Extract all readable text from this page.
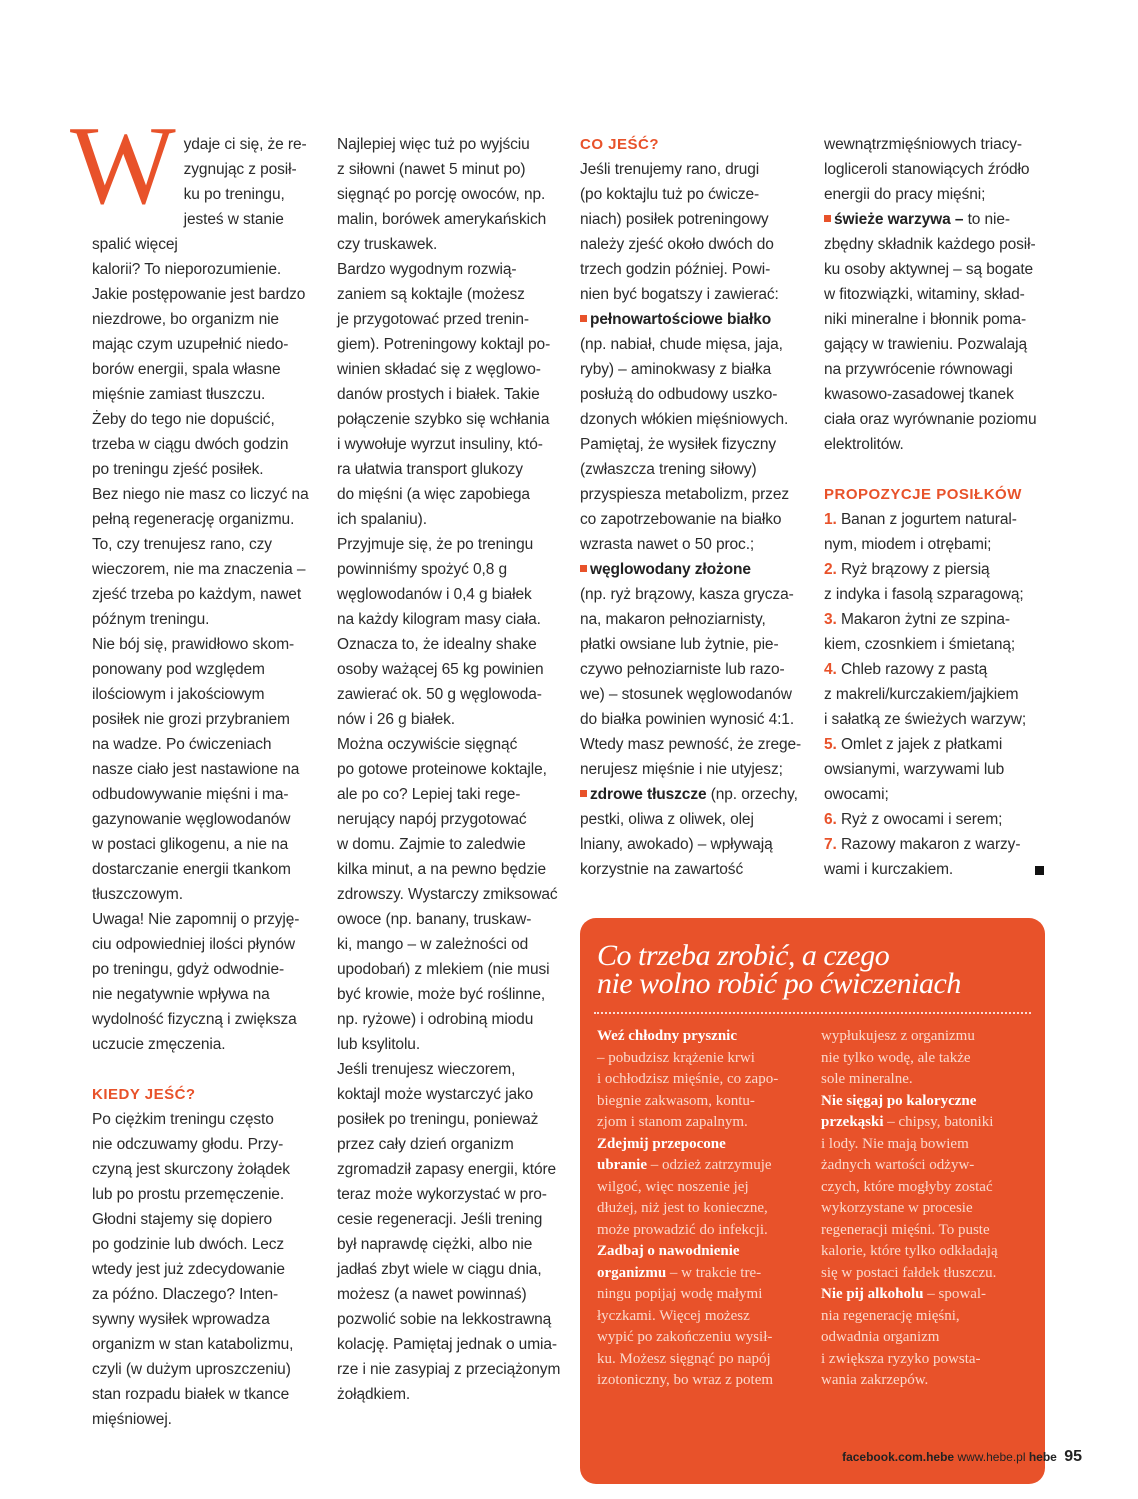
W ydaje ci się, że re-
zygnując z posił-
ku po treningu,

jesteś w stanie spalić więcej
kalorii? To nieporozumienie.
Jakie postępowanie jest bardzo
niezdrowe, bo organizm nie
mając czym uzupełnić niedo-
borów energii, spala własne
mięśnie zamiast tłuszczu.
Żeby do tego nie dopuścić,
trzeba w ciągu dwóch godzin
po treningu zjeść posiłek.
Bez niego nie masz co liczyć na
pełną regenerację organizmu.
To, czy trenujesz rano, czy
wieczorem, nie ma znaczenia –
zjeść trzeba po każdym, nawet
późnym treningu.
Nie bój się, prawidłowo skom-
ponowany pod względem
ilościowym i jakościowym
posiłek nie grozi przybraniem
na wadze. Po ćwiczeniach
nasze ciało jest nastawione na
odbudowywanie mięśni i ma-
gazynowanie węglowodanów
w postaci glikogenu, a nie na
dostarczanie energii tkankom
tłuszczowym.
Uwaga! Nie zapomnij o przyję-
ciu odpowiedniej ilości płynów
po treningu, gdyż odwodnie-
nie negatywnie wpływa na
wydolność fizyczną i zwiększa
uczucie zmęczenia.

KIEDY JEŚĆ?

Po ciężkim treningu często
nie odczuwamy głodu. Przy-
czyną jest skurczony żołądek
lub po prostu przemęczenie.
Głodni stajemy się dopiero
po godzinie lub dwóch. Lecz
wtedy jest już zdecydowanie
za późno. Dlaczego? Inten-
sywny wysiłek wprowadza
organizm w stan katabolizmu,
czyli (w dużym uproszczeniu)
stan rozpadu białek w tkance
mięśniowej.

Najlepiej więc tuż po wyjściu
z siłowni (nawet 5 minut po)
sięgnąć po porcję owoców, np.
malin, borówek amerykańskich
czy truskawek.
Bardzo wygodnym rozwią-
zaniem są koktajle (możesz
je przygotować przed trenin-
giem). Potreningowy koktajl po-
winien składać się z węglowo-
danów prostych i białek. Takie
połączenie szybko się wchłania
i wywołuje wyrzut insuliny, któ-
ra ułatwia transport glukozy
do mięśni (a więc zapobiega
ich spalaniu).
Przyjmuje się, że po treningu
powinniśmy spożyć 0,8 g
węglowodanów i 0,4 g białek
na każdy kilogram masy ciała.
Oznacza to, że idealny shake
osoby ważącej 65 kg powinien
zawierać ok. 50 g węglowoda-
nów i 26 g białek.
Można oczywiście sięgnąć
po gotowe proteinowe koktajle,
ale po co? Lepiej taki rege-
nerujący napój przygotować
w domu. Zajmie to zaledwie
kilka minut, a na pewno będzie
zdrowszy. Wystarczy zmiksować
owoce (np. banany, truskaw-
ki, mango – w zależności od
upodobań) z mlekiem (nie musi
być krowie, może być roślinne,
np. ryżowe) i odrobiną miodu
lub ksylitolu.
Jeśli trenujesz wieczorem,
koktajl może wystarczyć jako
posiłek po treningu, ponieważ
przez cały dzień organizm
zgromadził zapasy energii, które
teraz może wykorzystać w pro-
cesie regeneracji. Jeśli trening
był naprawdę ciężki, albo nie
jadłaś zbyt wiele w ciągu dnia,
możesz (a nawet powinnaś)
pozwolić sobie na lekkostrawną
kolację. Pamiętaj jednak o umia-
rze i nie zasypiaj z przeciążonym
żołądkiem.

CO JEŚĆ?

Jeśli trenujemy rano, drugi
(po koktajlu tuż po ćwicze-
niach) posiłek potreningowy
należy zjeść około dwóch do
trzech godzin później. Powi-
nien być bogatszy i zawierać:

pełnowartościowe białko

(np. nabiał, chude mięsa, jaja,
ryby) – aminokwasy z białka
posłużą do odbudowy uszko-
dzonych włókien mięśniowych.
Pamiętaj, że wysiłek fizyczny
(zwłaszcza trening siłowy)
przyspiesza metabolizm, przez
co zapotrzebowanie na białko
wzrasta nawet o 50 proc.;

węglowodany złożone

(np. ryż brązowy, kasza gryczа-
na, makaron pełnoziarnisty,
płatki owsiane lub żytnie, pie-
czywo pełnoziarniste lub razo-
we) – stosunek węglowodanów
do białka powinien wynosić 4:1.
Wtedy masz pewność, że zrege-
nerujesz mięśnie i nie utyjesz;

zdrowe tłuszcze (np. orzechy,
pestki, oliwa z oliwek, olej
lniany, awokado) – wpływają
korzystnie na zawartość

wewnątrzmięśniowych triacy-
logliceroli stanowiących źródło
energii do pracy mięśni;

świeże warzywa – to nie-
zbędny składnik każdego posił-
ku osoby aktywnej – są bogate
w fitozwiązki, witaminy, skład-
niki mineralne i błonnik poma-
gający w trawieniu. Pozwalają
na przywrócenie równowagi
kwasowo-zasadowej tkanek
ciała oraz wyrównanie poziomu
elektrolitów.

PROPOZYCJE POSIŁKÓW

1. Banan z jogurtem natural-
nym, miodem i otrębami;

2. Ryż brązowy z piersią
z indyka i fasolą szparagową;

3. Makaron żytni ze szpina-
kiem, czosnkiem i śmietaną;

4. Chleb razowy z pastą
z makreli/kurczakiem/jajkiem
i sałatką ze świeżych warzyw;

5. Omlet z jajek z płatkami
owsianymi, warzywami lub
owocami;

6. Ryż z owocami i serem;

7. Razowy makaron z warzy-
wami i kurczakiem.

Co trzeba zrobić, a czego
nie wolno robić po ćwiczeniach

Weź chłodny prysznic
– pobudzisz krążenie krwi
i ochłodzisz mięśnie, co zapo-
biegnie zakwasom, kontu-
zjom i stanom zapalnym.

Zdejmij przepocone
ubranie – odzież zatrzymuje
wilgoć, więc noszenie jej
dłużej, niż jest to konieczne,
może prowadzić do infekcji.

Zadbaj o nawodnienie
organizmu – w trakcie tre-
ningu popijaj wodę małymi
łyczkami. Więcej możesz
wypić po zakończeniu wysił-
ku. Możesz sięgnąć po napój
izotoniczny, bo wraz z potem

wypłukujesz z organizmu
nie tylko wodę, ale także
sole mineralne.

Nie sięgaj po kaloryczne
przekąski – chipsy, batoniki
i lody. Nie mają bowiem
żadnych wartości odżyw-
czych, które mogłyby zostać
wykorzystane w procesie
regeneracji mięśni. To puste
kalorie, które tylko odkładają
się w postaci fałdek tłuszczu.

Nie pij alkoholu – spowal-
nia regenerację mięśni,
odwadnia organizm
i zwiększa ryzyko powsta-
wania zakrzepów.

facebook.com.hebe www.hebe.pl hebe 95
